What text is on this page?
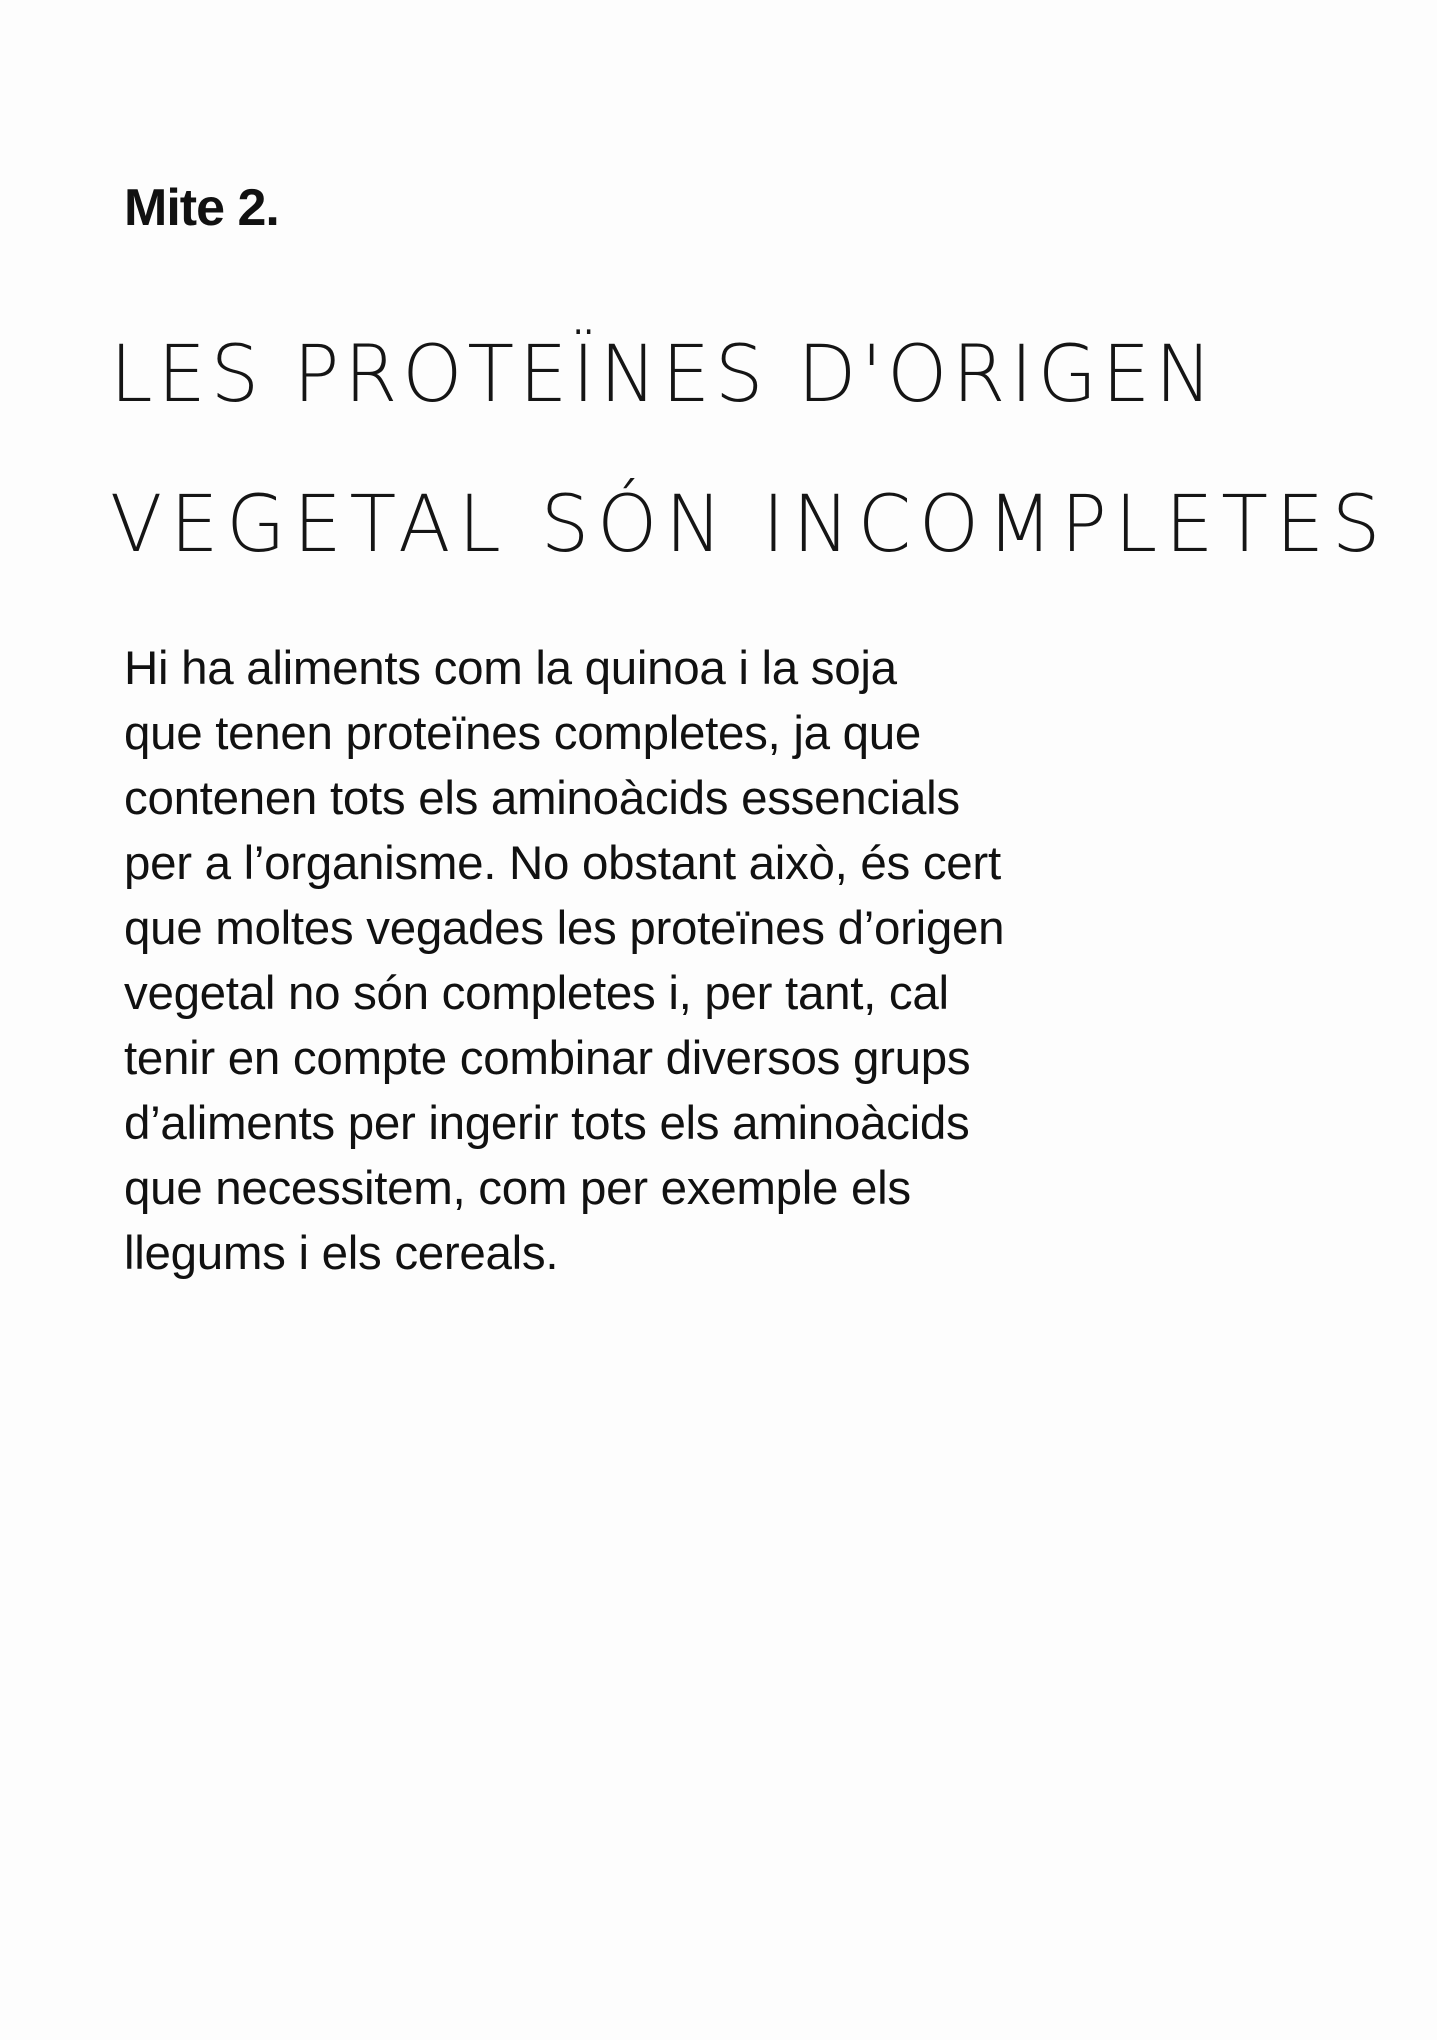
Mite 2.
LES PROTEÏNES D'ORIGEN
VEGETAL SÓN INCOMPLETES

Hi ha aliments com la quinoa i la soja
que tenen proteïnes completes, ja que
contenen tots els aminoàcids essencials
per a l’organisme. No obstant això, és cert
que moltes vegades les proteïnes d’origen
vegetal no són completes i, per tant, cal
tenir en compte combinar diversos grups
d’aliments per ingerir tots els aminoàcids
que necessitem, com per exemple els
llegums i els cereals.
